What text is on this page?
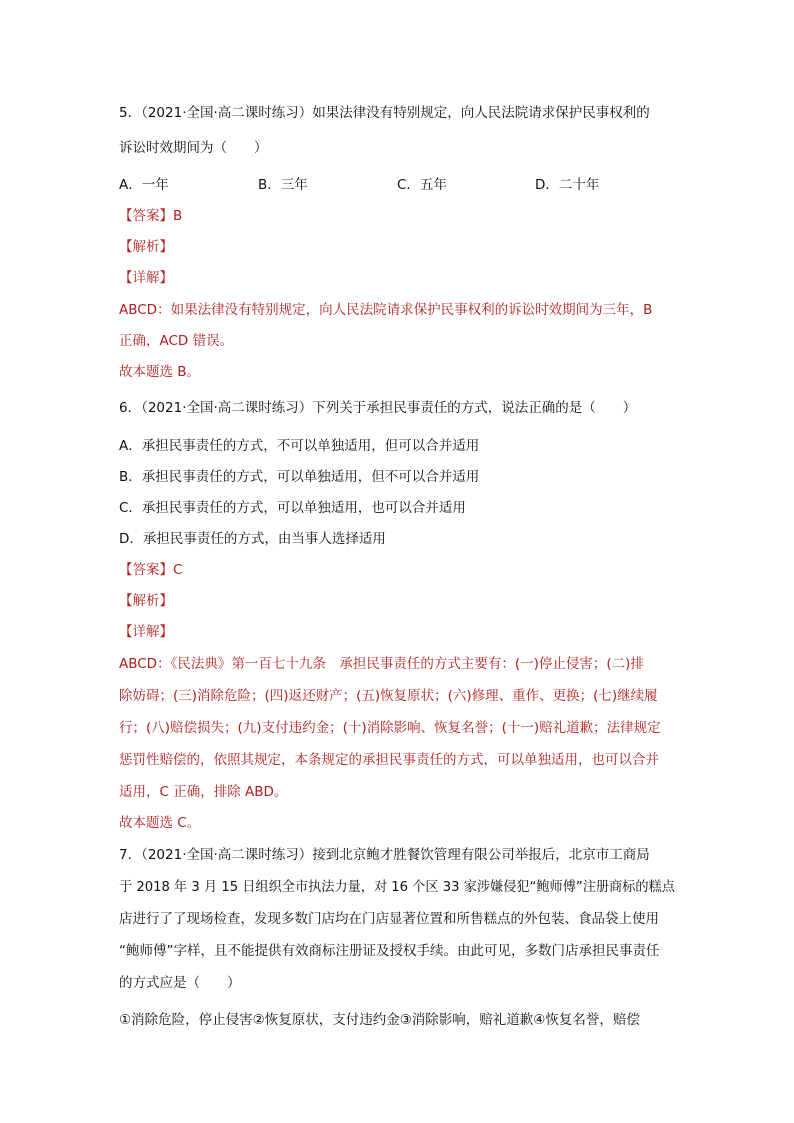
5．（2021·全国·高二课时练习）如果法律没有特别规定，向人民法院请求保护民事权利的
诉讼时效期间为（　　）
A．一年	B．三年	C．五年	D．二十年
【答案】B
【解析】
【详解】
ABCD：如果法律没有特别规定，向人民法院请求保护民事权利的诉讼时效期间为三年，B
正确，ACD 错误。
故本题选 B。
6．（2021·全国·高二课时练习）下列关于承担民事责任的方式，说法正确的是（　　）
A．承担民事责任的方式，不可以单独适用，但可以合并适用
B．承担民事责任的方式，可以单独适用，但不可以合并适用
C．承担民事责任的方式，可以单独适用，也可以合并适用
D．承担民事责任的方式，由当事人选择适用
【答案】C
【解析】
【详解】
ABCD：《民法典》第一百七十九条　承担民事责任的方式主要有：(一)停止侵害；(二)排
除妨碍；(三)消除危险；(四)返还财产；(五)恢复原状；(六)修理、重作、更换；(七)继续履
行；(八)赔偿损失；(九)支付违约金；(十)消除影响、恢复名誉；(十一)赔礼道歉；法律规定
惩罚性赔偿的，依照其规定，本条规定的承担民事责任的方式，可以单独适用，也可以合并
适用，C 正确，排除 ABD。
故本题选 C。
7．（2021·全国·高二课时练习）接到北京鲍才胜餐饮管理有限公司举报后，北京市工商局
于 2018 年 3 月 15 日组织全市执法力量，对 16 个区 33 家涉嫌侵犯“鲍师傅”注册商标的糕点
店进行了了现场检查，发现多数门店均在门店显著位置和所售糕点的外包装、食品袋上使用
“鲍师傅”字样，且不能提供有效商标注册证及授权手续。由此可见，多数门店承担民事责任
的方式应是（　　）
①消除危险，停止侵害②恢复原状，支付违约金③消除影响，赔礼道歉④恢复名誉，赔偿
